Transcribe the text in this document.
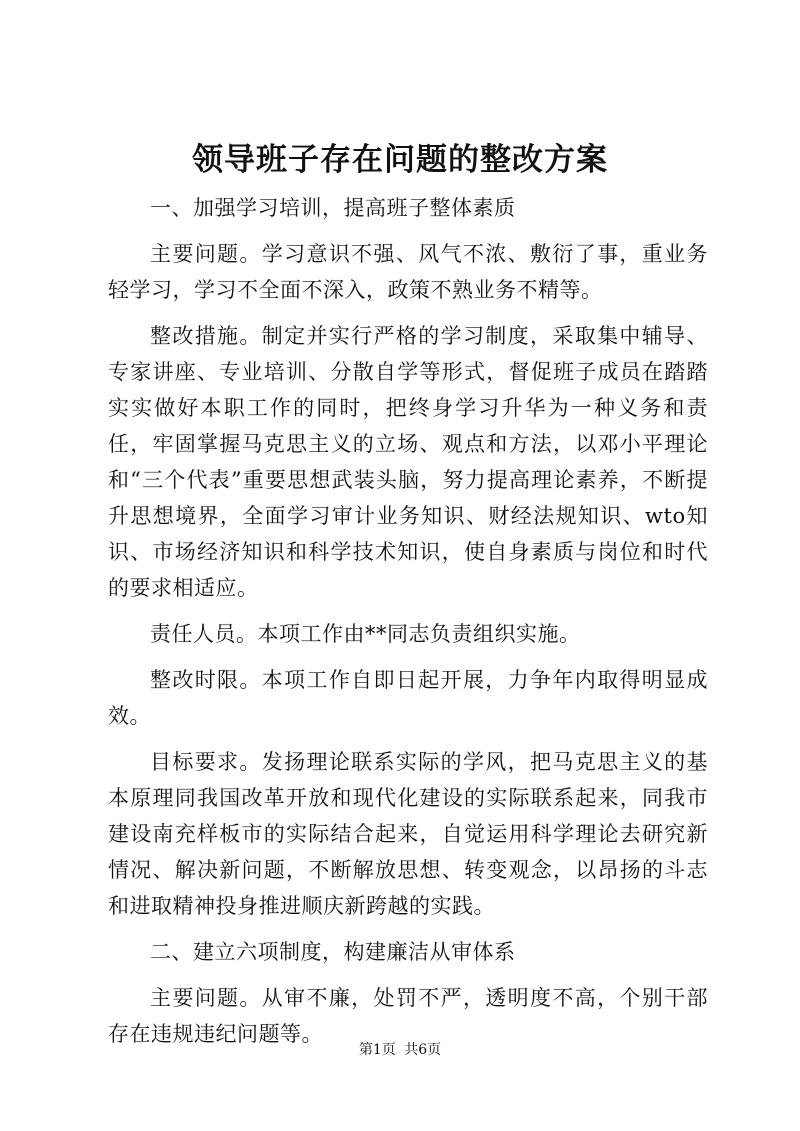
领导班子存在问题的整改方案

一、加强学习培训，提高班子整体素质

主要问题。学习意识不强、风气不浓、敷衍了事，重业务轻学习，学习不全面不深入，政策不熟业务不精等。

整改措施。制定并实行严格的学习制度，采取集中辅导、专家讲座、专业培训、分散自学等形式，督促班子成员在踏踏实实做好本职工作的同时，把终身学习升华为一种义务和责任，牢固掌握马克思主义的立场、观点和方法，以邓小平理论和“三个代表”重要思想武装头脑，努力提高理论素养，不断提升思想境界，全面学习审计业务知识、财经法规知识、wto知识、市场经济知识和科学技术知识，使自身素质与岗位和时代的要求相适应。

责任人员。本项工作由**同志负责组织实施。

整改时限。本项工作自即日起开展，力争年内取得明显成效。

目标要求。发扬理论联系实际的学风，把马克思主义的基本原理同我国改革开放和现代化建设的实际联系起来，同我市建设南充样板市的实际结合起来，自觉运用科学理论去研究新情况、解决新问题，不断解放思想、转变观念，以昂扬的斗志和进取精神投身推进顺庆新跨越的实践。

二、建立六项制度，构建廉洁从审体系

主要问题。从审不廉，处罚不严，透明度不高，个别干部存在违规违纪问题等。

第1页 共6页
